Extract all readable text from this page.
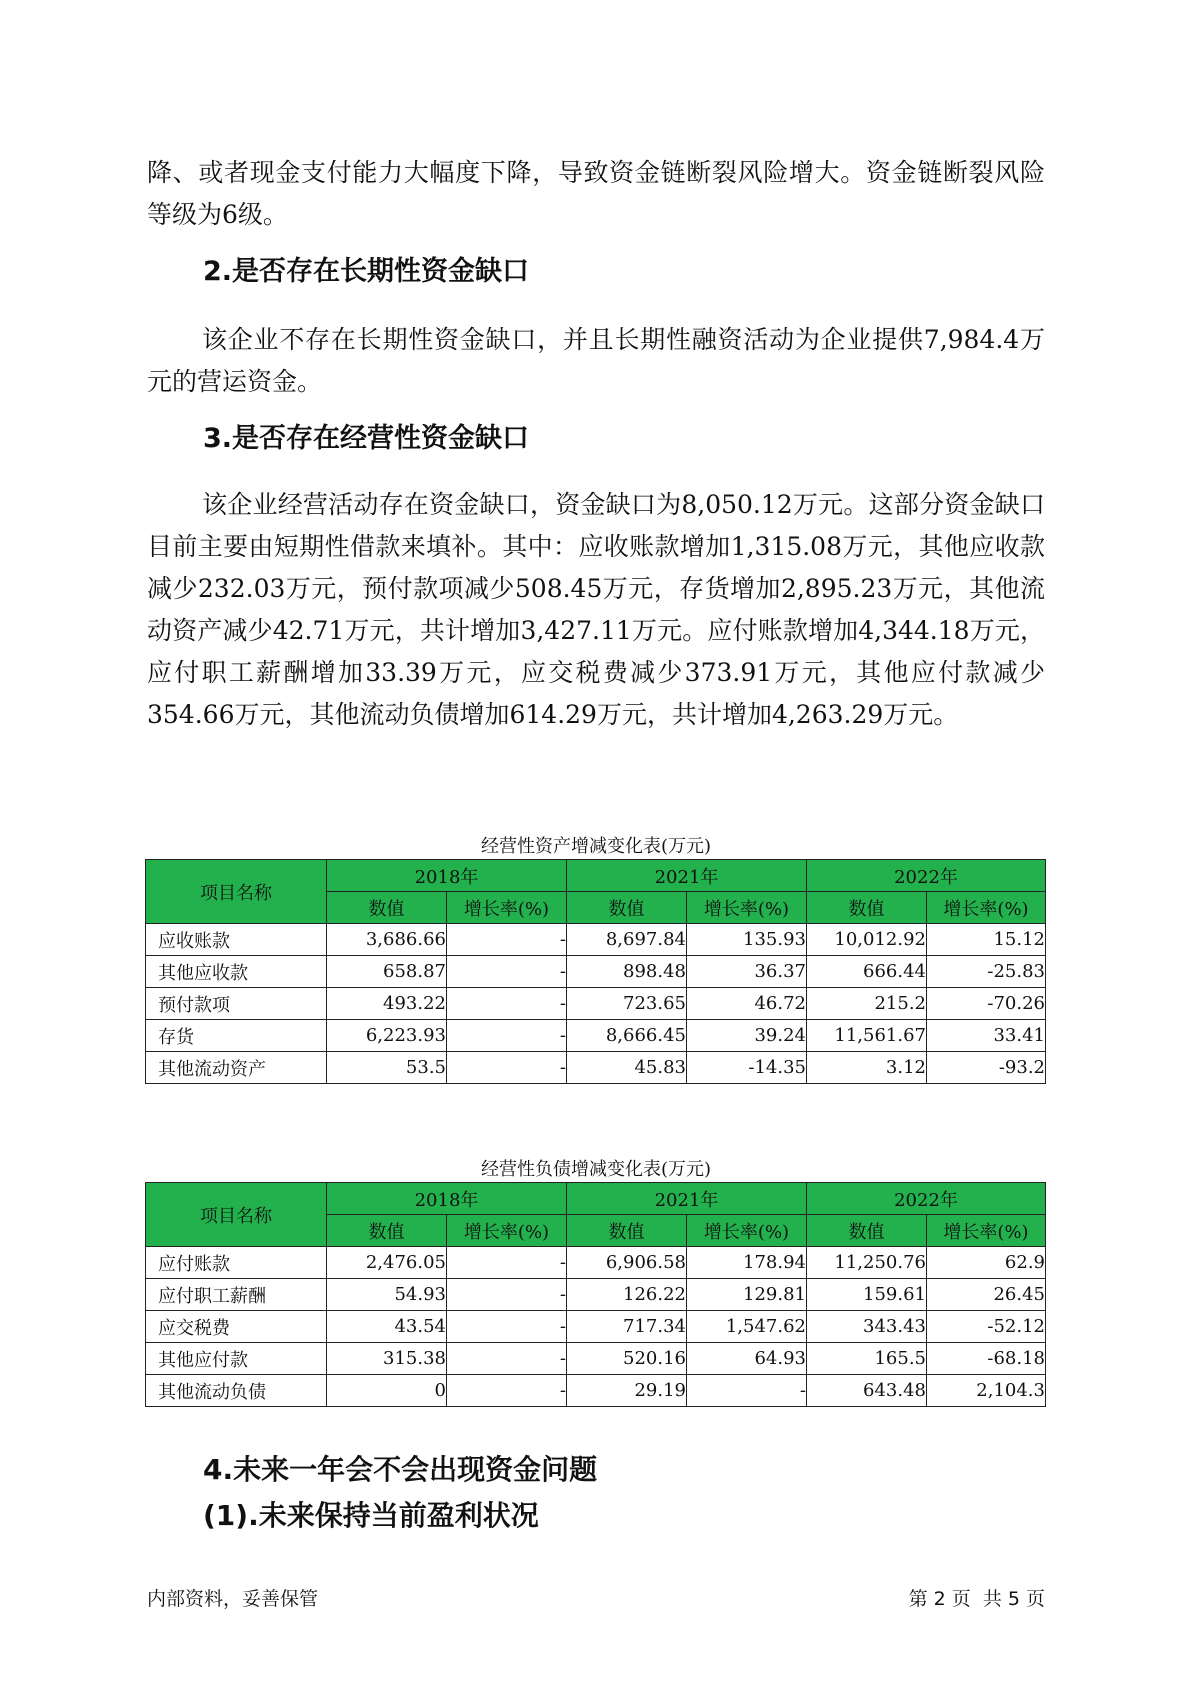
降、或者现金支付能力大幅度下降，导致资金链断裂风险增大。资金链断裂风险等级为6级。

2.是否存在长期性资金缺口

该企业不存在长期性资金缺口，并且长期性融资活动为企业提供7,984.4万元的营运资金。

3.是否存在经营性资金缺口

该企业经营活动存在资金缺口，资金缺口为8,050.12万元。这部分资金缺口目前主要由短期性借款来填补。其中：应收账款增加1,315.08万元，其他应收款减少232.03万元，预付款项减少508.45万元，存货增加2,895.23万元，其他流动资产减少42.71万元，共计增加3,427.11万元。应付账款增加4,344.18万元，应付职工薪酬增加33.39万元，应交税费减少373.91万元，其他应付款减少354.66万元，其他流动负债增加614.29万元，共计增加4,263.29万元。

经营性资产增减变化表(万元)
项目名称	2018年		2021年		2022年	
	数值	增长率(%)	数值	增长率(%)	数值	增长率(%)
应收账款	3,686.66	-	8,697.84	135.93	10,012.92	15.12
其他应收款	658.87	-	898.48	36.37	666.44	-25.83
预付款项	493.22	-	723.65	46.72	215.2	-70.26
存货	6,223.93	-	8,666.45	39.24	11,561.67	33.41
其他流动资产	53.5	-	45.83	-14.35	3.12	-93.2
经营性负债增减变化表(万元)
项目名称	2018年		2021年		2022年	
	数值	增长率(%)	数值	增长率(%)	数值	增长率(%)
应付账款	2,476.05	-	6,906.58	178.94	11,250.76	62.9
应付职工薪酬	54.93	-	126.22	129.81	159.61	26.45
应交税费	43.54	-	717.34	1,547.62	343.43	-52.12
其他应付款	315.38	-	520.16	64.93	165.5	-68.18
其他流动负债	0	-	29.19	-	643.48	2,104.3
4.未来一年会不会出现资金问题
(1).未来保持当前盈利状况
内部资料，妥善保管	第 2 页  共 5 页
